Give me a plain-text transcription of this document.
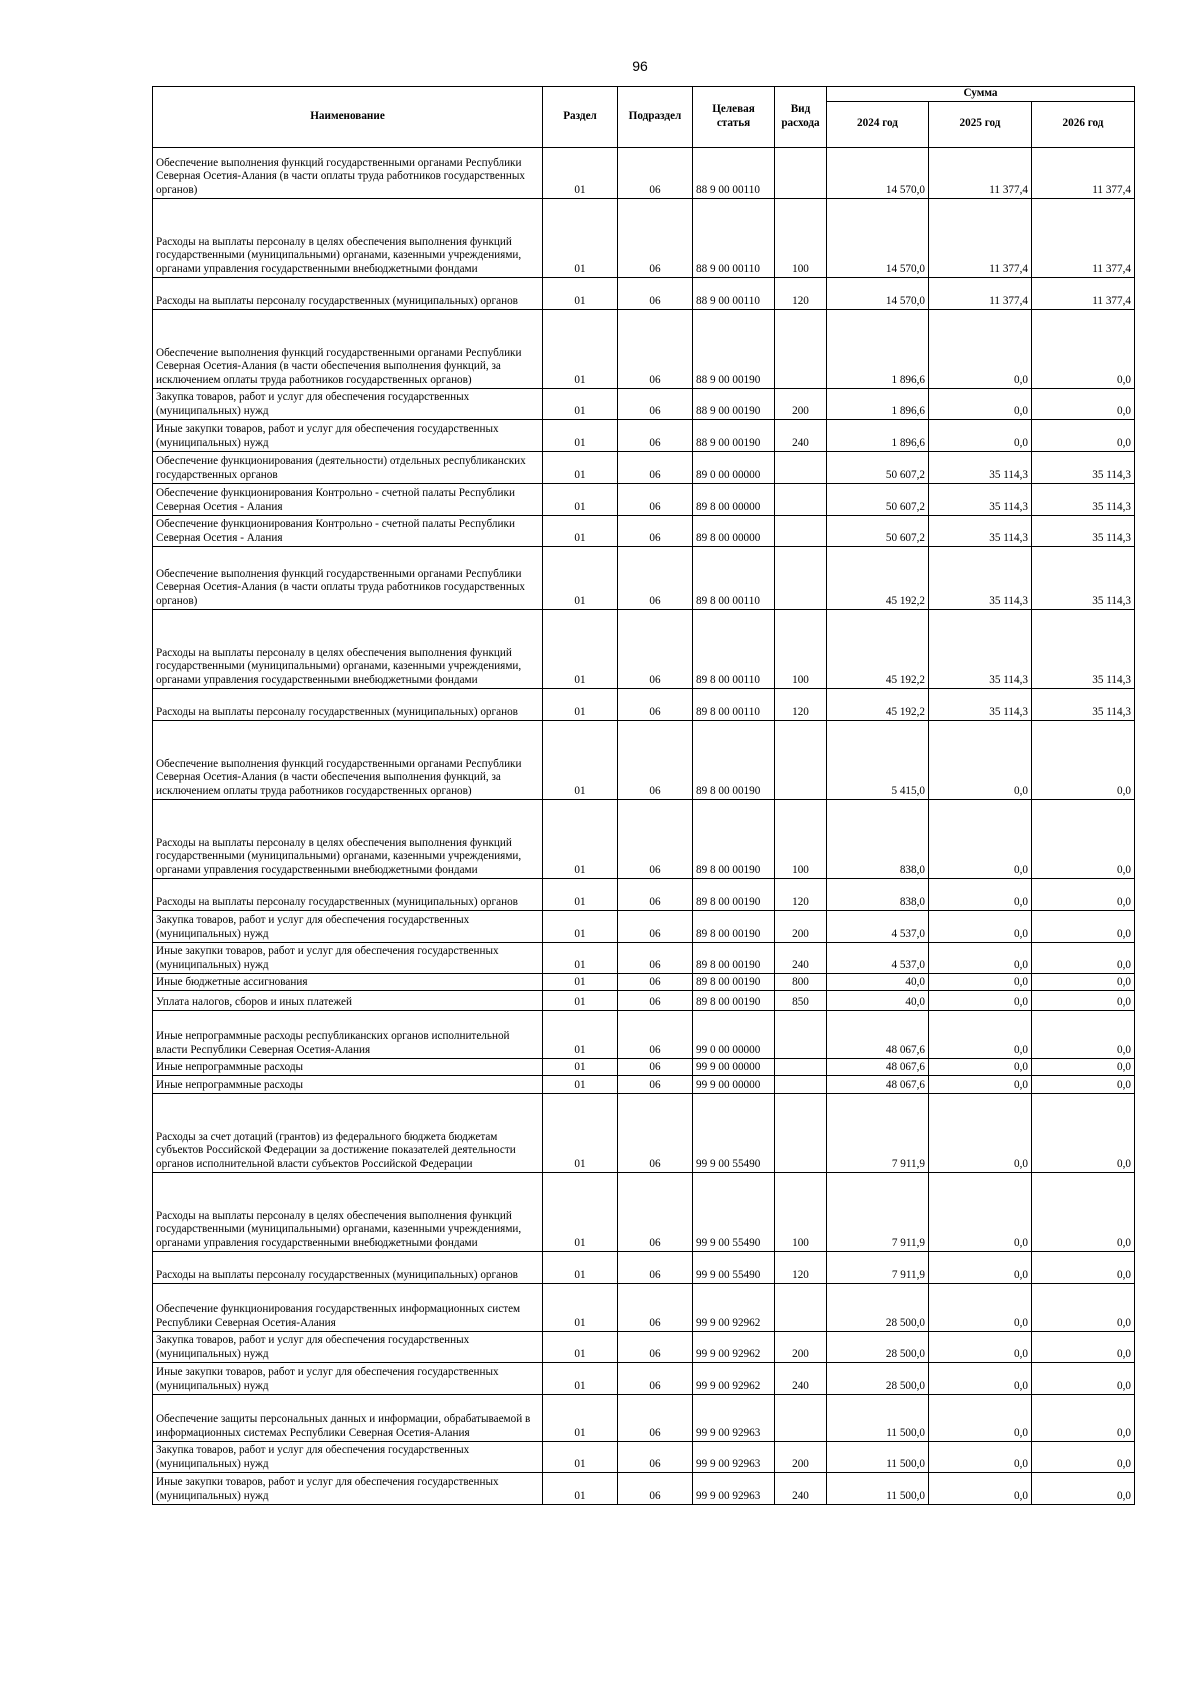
96
Наименование	Раздел	Подраздел	Целевая статья	Вид расхода	Сумма		
					2024 год	2025 год	2026 год
Обеспечение выполнения функций государственными органами Республики Северная Осетия-Алания (в части оплаты труда работников государственных органов)	01	06	88 9 00 00110		14 570,0	11 377,4	11 377,4
Расходы на выплаты персоналу в целях обеспечения выполнения функций государственными (муниципальными) органами, казенными учреждениями, органами управления государственными внебюджетными фондами	01	06	88 9 00 00110	100	14 570,0	11 377,4	11 377,4
Расходы на выплаты персоналу государственных (муниципальных) органов	01	06	88 9 00 00110	120	14 570,0	11 377,4	11 377,4
Обеспечение выполнения функций государственными органами Республики Северная Осетия-Алания (в части обеспечения выполнения функций, за исключением оплаты труда работников государственных органов)	01	06	88 9 00 00190		1 896,6	0,0	0,0
Закупка товаров, работ и услуг для обеспечения государственных (муниципальных) нужд	01	06	88 9 00 00190	200	1 896,6	0,0	0,0
Иные закупки товаров, работ и услуг для обеспечения государственных (муниципальных) нужд	01	06	88 9 00 00190	240	1 896,6	0,0	0,0
Обеспечение функционирования (деятельности) отдельных республиканских государственных органов	01	06	89 0 00 00000		50 607,2	35 114,3	35 114,3
Обеспечение функционирования Контрольно - счетной палаты Республики Северная Осетия - Алания	01	06	89 8 00 00000		50 607,2	35 114,3	35 114,3
Обеспечение функционирования Контрольно - счетной палаты Республики Северная Осетия - Алания	01	06	89 8 00 00000		50 607,2	35 114,3	35 114,3
Обеспечение выполнения функций государственными органами Республики Северная Осетия-Алания (в части оплаты труда работников государственных органов)	01	06	89 8 00 00110		45 192,2	35 114,3	35 114,3
Расходы на выплаты персоналу в целях обеспечения выполнения функций государственными (муниципальными) органами, казенными учреждениями, органами управления государственными внебюджетными фондами	01	06	89 8 00 00110	100	45 192,2	35 114,3	35 114,3
Расходы на выплаты персоналу государственных (муниципальных) органов	01	06	89 8 00 00110	120	45 192,2	35 114,3	35 114,3
Обеспечение выполнения функций государственными органами Республики Северная Осетия-Алания (в части обеспечения выполнения функций, за исключением оплаты труда работников государственных органов)	01	06	89 8 00 00190		5 415,0	0,0	0,0
Расходы на выплаты персоналу в целях обеспечения выполнения функций государственными (муниципальными) органами, казенными учреждениями, органами управления государственными внебюджетными фондами	01	06	89 8 00 00190	100	838,0	0,0	0,0
Расходы на выплаты персоналу государственных (муниципальных) органов	01	06	89 8 00 00190	120	838,0	0,0	0,0
Закупка товаров, работ и услуг для обеспечения государственных (муниципальных) нужд	01	06	89 8 00 00190	200	4 537,0	0,0	0,0
Иные закупки товаров, работ и услуг для обеспечения государственных (муниципальных) нужд	01	06	89 8 00 00190	240	4 537,0	0,0	0,0
Иные бюджетные ассигнования	01	06	89 8 00 00190	800	40,0	0,0	0,0
Уплата налогов, сборов и иных платежей	01	06	89 8 00 00190	850	40,0	0,0	0,0
Иные непрограммные расходы республиканских органов исполнительной власти Республики Северная Осетия-Алания	01	06	99 0 00 00000		48 067,6	0,0	0,0
Иные непрограммные расходы	01	06	99 9 00 00000		48 067,6	0,0	0,0
Иные непрограммные расходы	01	06	99 9 00 00000		48 067,6	0,0	0,0
Расходы за счет дотаций (грантов) из федерального бюджета бюджетам субъектов Российской Федерации за достижение показателей деятельности органов исполнительной власти субъектов Российской Федерации	01	06	99 9 00 55490		7 911,9	0,0	0,0
Расходы на выплаты персоналу в целях обеспечения выполнения функций государственными (муниципальными) органами, казенными учреждениями, органами управления государственными внебюджетными фондами	01	06	99 9 00 55490	100	7 911,9	0,0	0,0
Расходы на выплаты персоналу государственных (муниципальных) органов	01	06	99 9 00 55490	120	7 911,9	0,0	0,0
Обеспечение функционирования государственных информационных систем Республики Северная Осетия-Алания	01	06	99 9 00 92962		28 500,0	0,0	0,0
Закупка товаров, работ и услуг для обеспечения государственных (муниципальных) нужд	01	06	99 9 00 92962	200	28 500,0	0,0	0,0
Иные закупки товаров, работ и услуг для обеспечения государственных (муниципальных) нужд	01	06	99 9 00 92962	240	28 500,0	0,0	0,0
Обеспечение защиты персональных данных и информации, обрабатываемой в информационных системах Республики Северная Осетия-Алания	01	06	99 9 00 92963		11 500,0	0,0	0,0
Закупка товаров, работ и услуг для обеспечения государственных (муниципальных) нужд	01	06	99 9 00 92963	200	11 500,0	0,0	0,0
Иные закупки товаров, работ и услуг для обеспечения государственных (муниципальных) нужд	01	06	99 9 00 92963	240	11 500,0	0,0	0,0
